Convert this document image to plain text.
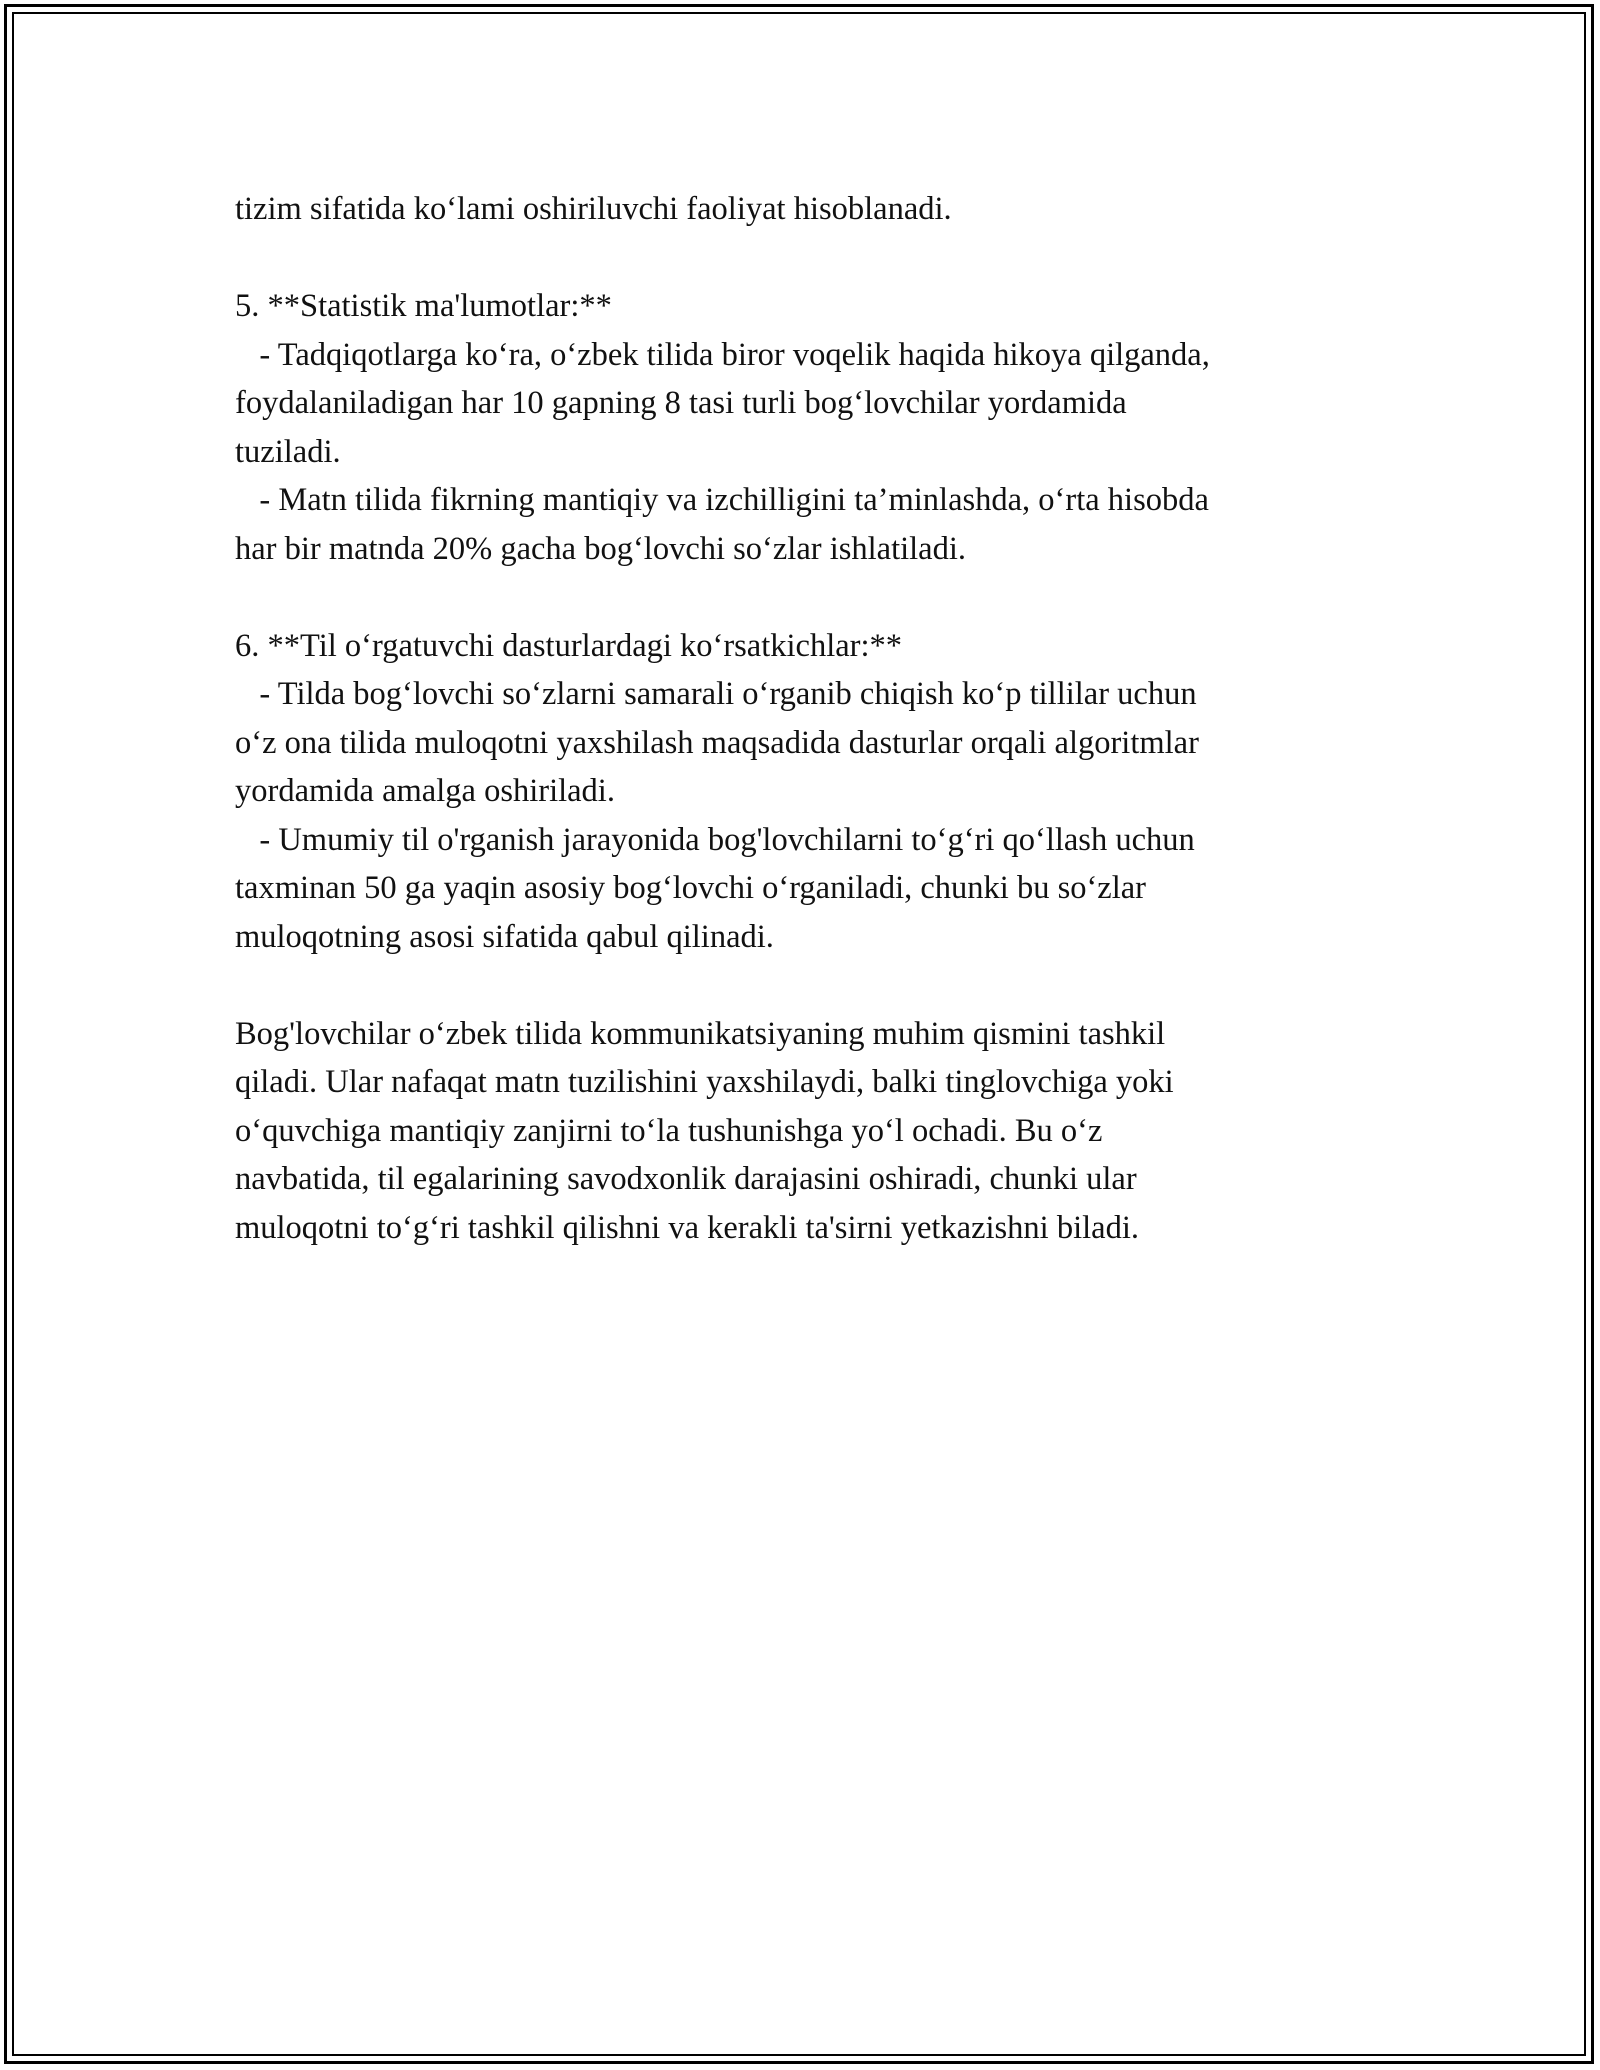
tizim sifatida ko‘lami oshiriluvchi faoliyat hisoblanadi.
5. **Statistik ma'lumotlar:**
- Tadqiqotlarga ko‘ra, o‘zbek tilida biror voqelik haqida hikoya qilganda,
foydalaniladigan har 10 gapning 8 tasi turli bog‘lovchilar yordamida
tuziladi.
- Matn tilida fikrning mantiqiy va izchilligini ta’minlashda, o‘rta hisobda
har bir matnda 20% gacha bog‘lovchi so‘zlar ishlatiladi.
6. **Til o‘rgatuvchi dasturlardagi ko‘rsatkichlar:**
- Tilda bog‘lovchi so‘zlarni samarali o‘rganib chiqish ko‘p tillilar uchun
o‘z ona tilida muloqotni yaxshilash maqsadida dasturlar orqali algoritmlar
yordamida amalga oshiriladi.
- Umumiy til o'rganish jarayonida bog'lovchilarni to‘g‘ri qo‘llash uchun
taxminan 50 ga yaqin asosiy bog‘lovchi o‘rganiladi, chunki bu so‘zlar
muloqotning asosi sifatida qabul qilinadi.
Bog'lovchilar o‘zbek tilida kommunikatsiyaning muhim qismini tashkil
qiladi. Ular nafaqat matn tuzilishini yaxshilaydi, balki tinglovchiga yoki
o‘quvchiga mantiqiy zanjirni to‘la tushunishga yo‘l ochadi. Bu o‘z
navbatida, til egalarining savodxonlik darajasini oshiradi, chunki ular
muloqotni to‘g‘ri tashkil qilishni va kerakli ta'sirni yetkazishni biladi.
